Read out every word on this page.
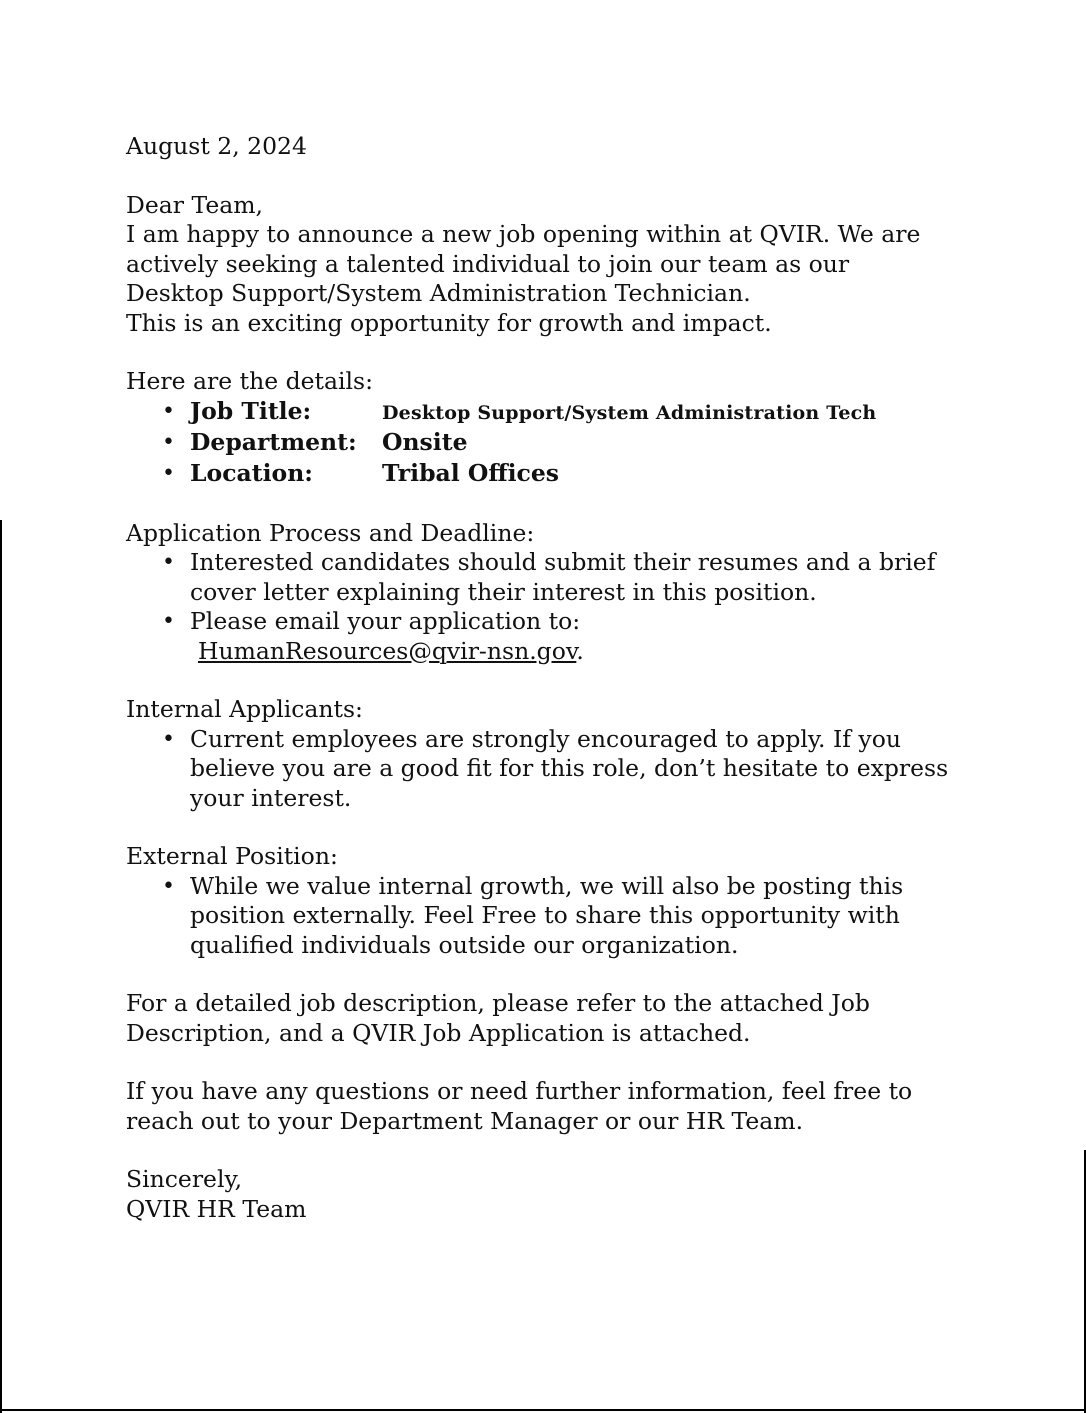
August 2, 2024

Dear Team,

I am happy to announce a new job opening within at QVIR. We are

actively seeking a talented individual to join our team as our

Desktop Support/System Administration Technician.

This is an exciting opportunity for growth and impact.

Here are the details:

• Job Title:	Desktop Support/System Administration Tech
• Department:	Onsite
• Location:	Tribal Offices

Application Process and Deadline:

• Interested candidates should submit their resumes and a brief

cover letter explaining their interest in this position.

• Please email your application to:

HumanResources@qvir-nsn.gov.

Internal Applicants:

• Current employees are strongly encouraged to apply. If you

believe you are a good fit for this role, don’t hesitate to express

your interest.

External Position:

• While we value internal growth, we will also be posting this

position externally. Feel Free to share this opportunity with

qualified individuals outside our organization.

For a detailed job description, please refer to the attached Job

Description, and a QVIR Job Application is attached.

If you have any questions or need further information, feel free to

reach out to your Department Manager or our HR Team.

Sincerely,

QVIR HR Team
